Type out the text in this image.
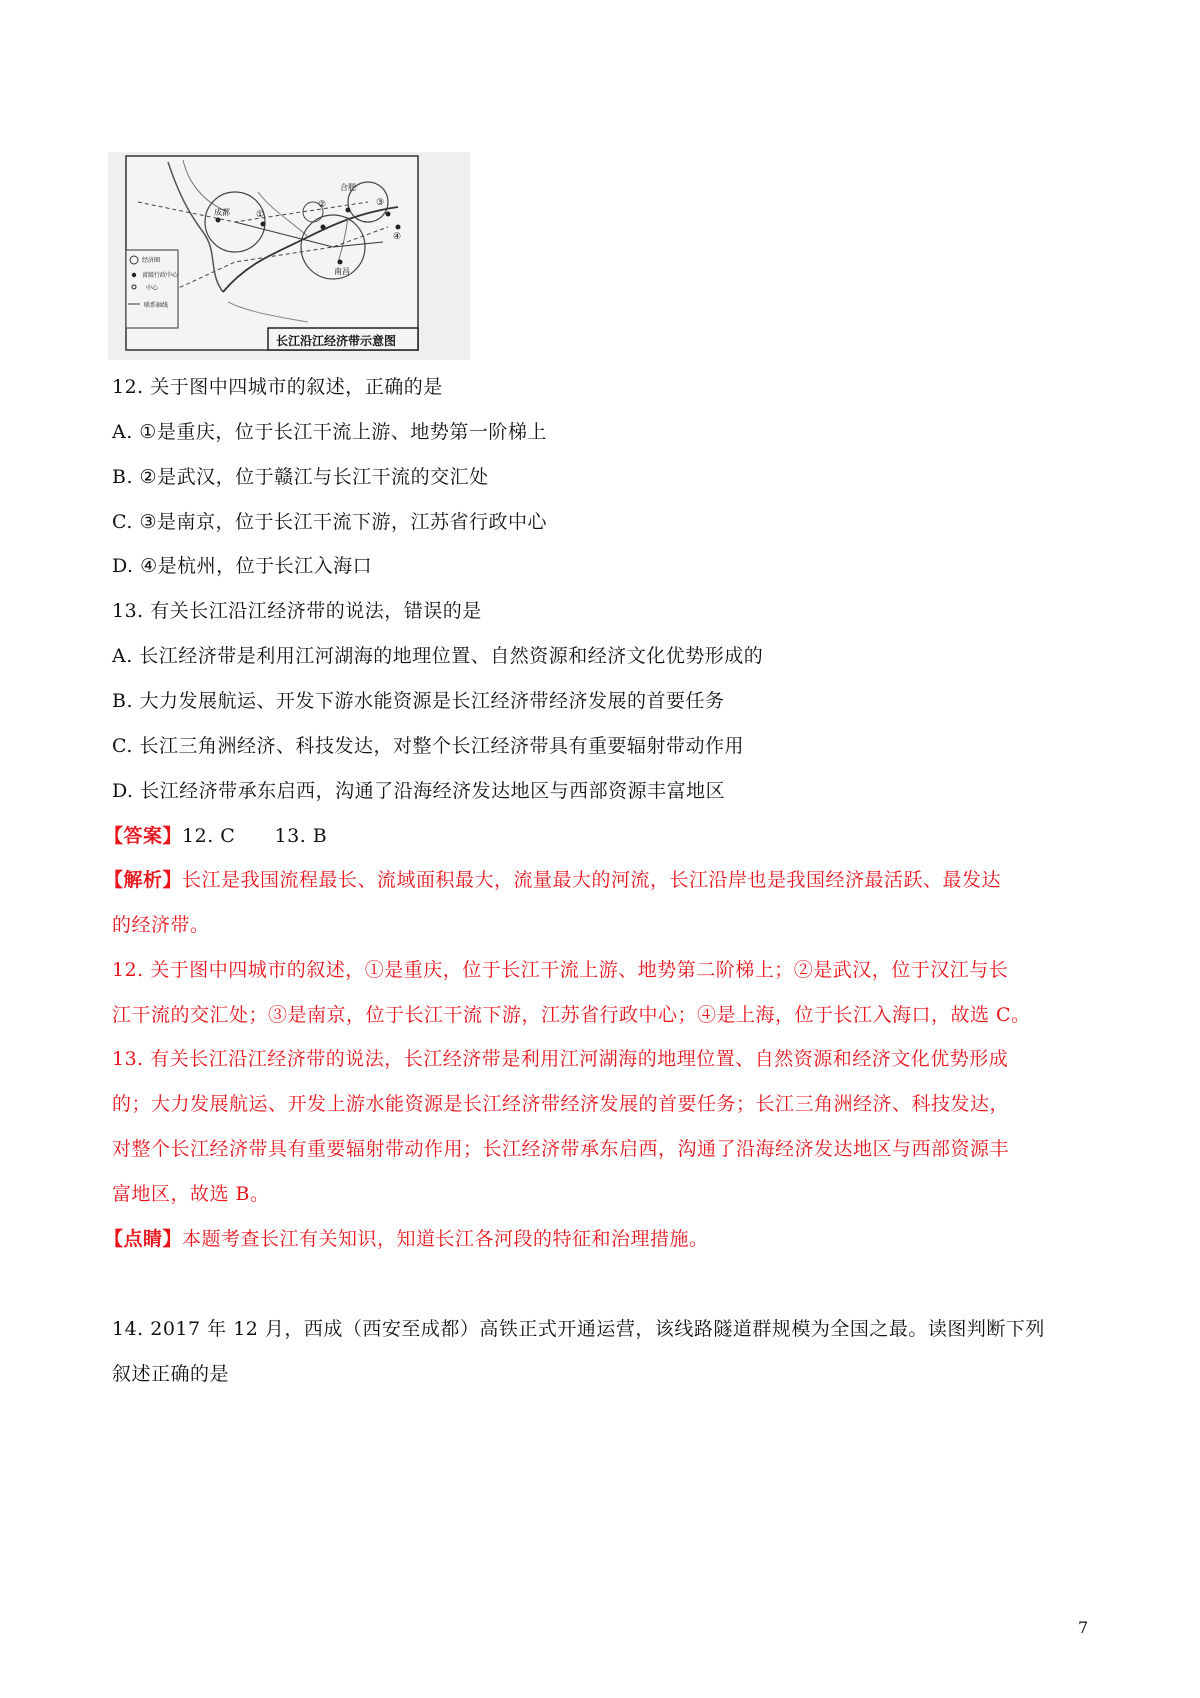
成都
合肥
南昌
①
②	③
④
经济圈
省级行政中心
中心
联系轴线
长江沿江经济带示意图
12. 关于图中四城市的叙述，正确的是
A. ①是重庆，位于长江干流上游、地势第一阶梯上
B. ②是武汉，位于赣江与长江干流的交汇处
C. ③是南京，位于长江干流下游，江苏省行政中心
D. ④是杭州，位于长江入海口
13. 有关长江沿江经济带的说法，错误的是
A. 长江经济带是利用江河湖海的地理位置、自然资源和经济文化优势形成的
B. 大力发展航运、开发下游水能资源是长江经济带经济发展的首要任务
C. 长江三角洲经济、科技发达，对整个长江经济带具有重要辐射带动作用
D. 长江经济带承东启西，沟通了沿海经济发达地区与西部资源丰富地区
【答案】12. C      13. B
【解析】长江是我国流程最长、流域面积最大，流量最大的河流，长江沿岸也是我国经济最活跃、最发达
的经济带。
12. 关于图中四城市的叙述，①是重庆，位于长江干流上游、地势第二阶梯上；②是武汉，位于汉江与长
江干流的交汇处；③是南京，位于长江干流下游，江苏省行政中心；④是上海，位于长江入海口，故选 C。
13. 有关长江沿江经济带的说法，长江经济带是利用江河湖海的地理位置、自然资源和经济文化优势形成
的；大力发展航运、开发上游水能资源是长江经济带经济发展的首要任务；长江三角洲经济、科技发达，
对整个长江经济带具有重要辐射带动作用；长江经济带承东启西，沟通了沿海经济发达地区与西部资源丰
富地区，故选 B。
【点睛】本题考查长江有关知识，知道长江各河段的特征和治理措施。
14. 2017 年 12 月，西成（西安至成都）高铁正式开通运营，该线路隧道群规模为全国之最。读图判断下列
叙述正确的是
7
